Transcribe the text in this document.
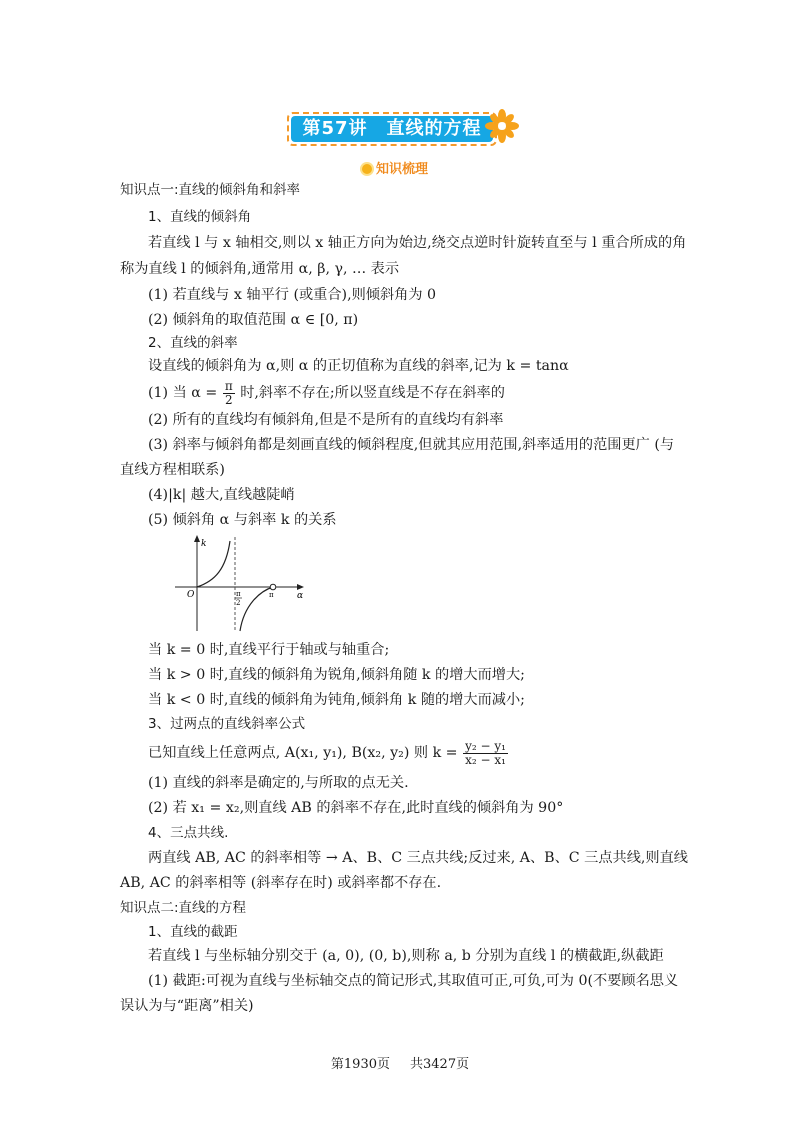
第57讲　直线的方程
知识梳理
知识点一:直线的倾斜角和斜率
1、直线的倾斜角
若直线 l 与 x 轴相交,则以 x 轴正方向为始边,绕交点逆时针旋转直至与 l 重合所成的角
称为直线 l 的倾斜角,通常用 α, β, γ, … 表示
(1) 若直线与 x 轴平行 (或重合),则倾斜角为 0
(2) 倾斜角的取值范围 α ∈ [0, π)
2、直线的斜率
设直线的倾斜角为 α,则 α 的正切值称为直线的斜率,记为 k = tanα
(1) 当 $\alpha = \frac{\pi}{2}$ 时,斜率不存在;所以竖直线是不存在斜率的
(2) 所有的直线均有倾斜角,但是不是所有的直线均有斜率
(3) 斜率与倾斜角都是刻画直线的倾斜程度,但就其应用范围,斜率适用的范围更广 (与
直线方程相联系)
(4)|k| 越大,直线越陡峭
(5) 倾斜角 α 与斜率 k 的关系
k
α
O	π
2
π
当 k = 0 时,直线平行于轴或与轴重合;
当 k > 0 时,直线的倾斜角为锐角,倾斜角随 k 的增大而增大;
当 k < 0 时,直线的倾斜角为钝角,倾斜角 k 随的增大而减小;
3、过两点的直线斜率公式
已知直线上任意两点, A(x₁, y₁), B(x₂, y₂) 则 $k = \frac{\text{y₂ − y₁}}{\text{x₂ − x₁}}$
(1) 直线的斜率是确定的,与所取的点无关.
(2) 若 x₁ = x₂,则直线 AB 的斜率不存在,此时直线的倾斜角为 90°
4、三点共线.
两直线 AB, AC 的斜率相等 → A、B、C 三点共线;反过来, A、B、C 三点共线,则直线
AB, AC 的斜率相等 (斜率存在时) 或斜率都不存在.
知识点二:直线的方程
1、直线的截距
若直线 l 与坐标轴分别交于 (a, 0), (0, b),则称 a, b 分别为直线 l 的横截距,纵截距
(1) 截距:可视为直线与坐标轴交点的简记形式,其取值可正,可负,可为 0(不要顾名思义
误认为与“距离”相关)
第1930页 共3427页
